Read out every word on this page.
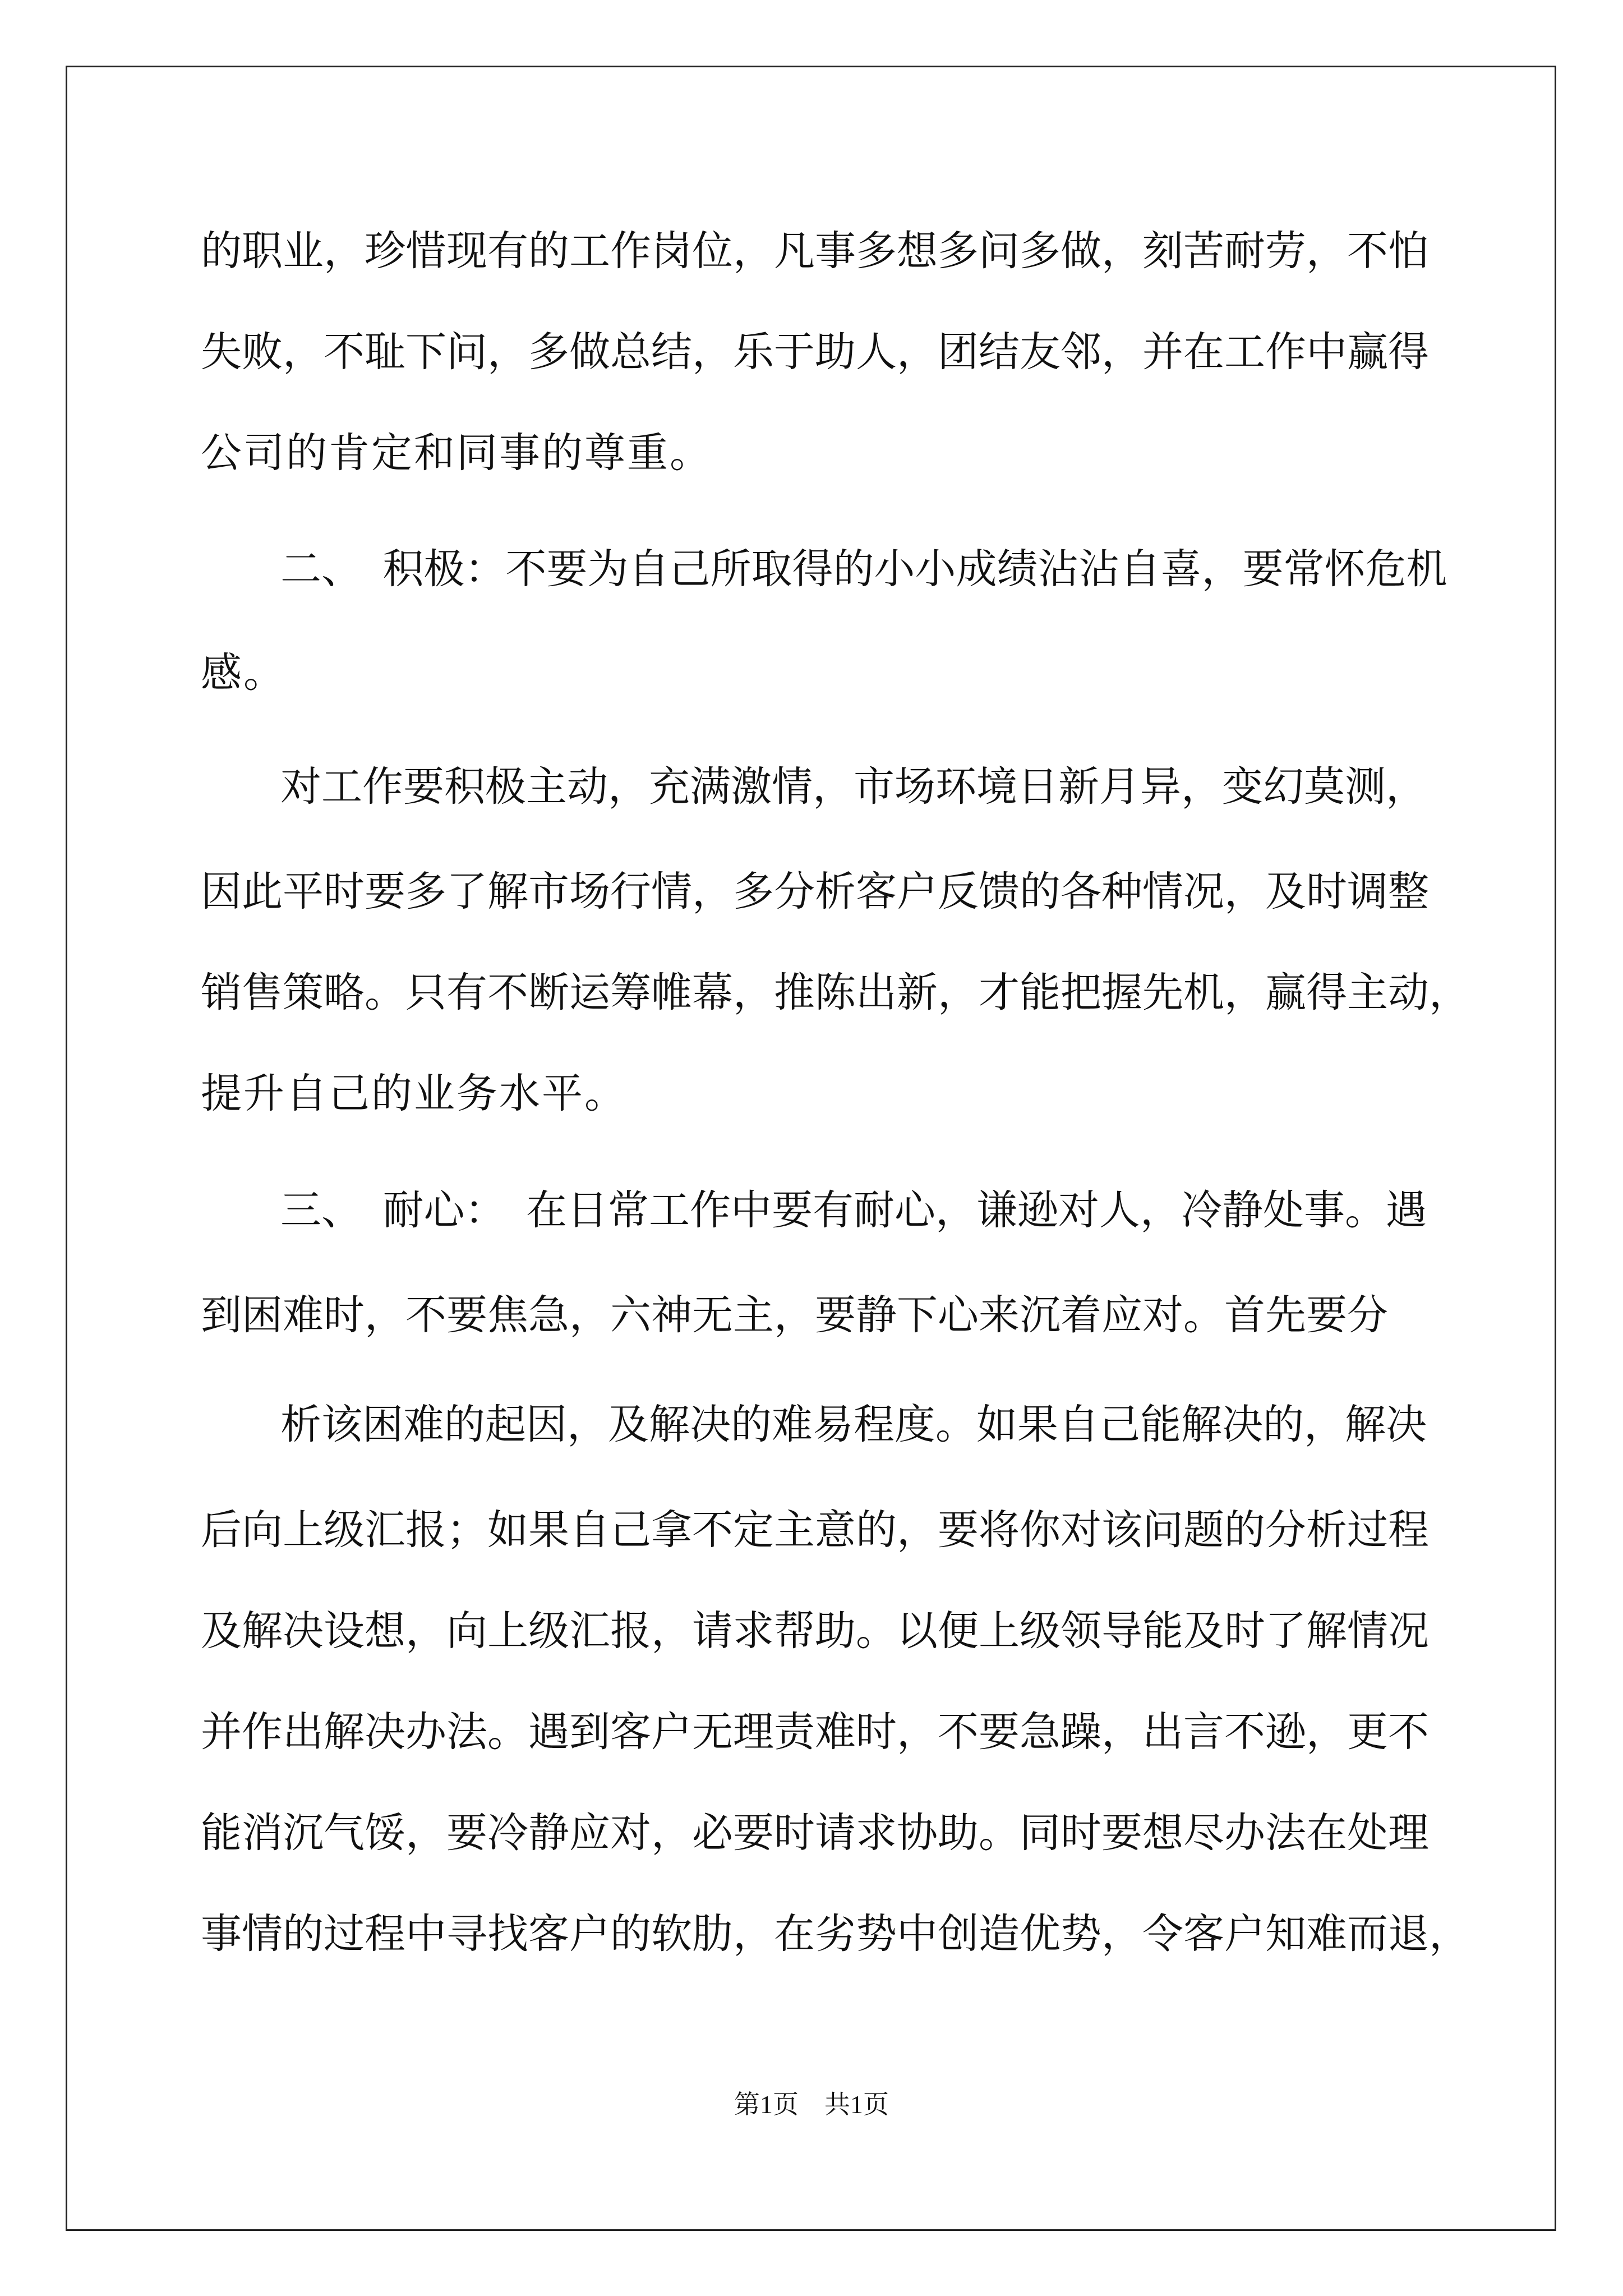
的职业，珍惜现有的工作岗位，凡事多想多问多做，刻苦耐劳，不怕
失败，不耻下问，多做总结，乐于助人，团结友邻，并在工作中赢得
公司的肯定和同事的尊重。
二、　积极：不要为自己所取得的小小成绩沾沾自喜，要常怀危机
感。
对工作要积极主动，充满激情，市场环境日新月异，变幻莫测，
因此平时要多了解市场行情，多分析客户反馈的各种情况，及时调整
销售策略。只有不断运筹帷幕，推陈出新，才能把握先机，赢得主动，
提升自己的业务水平。
三、　耐心：　在日常工作中要有耐心，谦逊对人，冷静处事。遇
到困难时，不要焦急，六神无主，要静下心来沉着应对。首先要分
析该困难的起因，及解决的难易程度。如果自己能解决的，解决
后向上级汇报；如果自己拿不定主意的，要将你对该问题的分析过程
及解决设想，向上级汇报，请求帮助。以便上级领导能及时了解情况
并作出解决办法。遇到客户无理责难时，不要急躁，出言不逊，更不
能消沉气馁，要冷静应对，必要时请求协助。同时要想尽办法在处理
事情的过程中寻找客户的软肋，在劣势中创造优势，令客户知难而退，
第1页　共1页
